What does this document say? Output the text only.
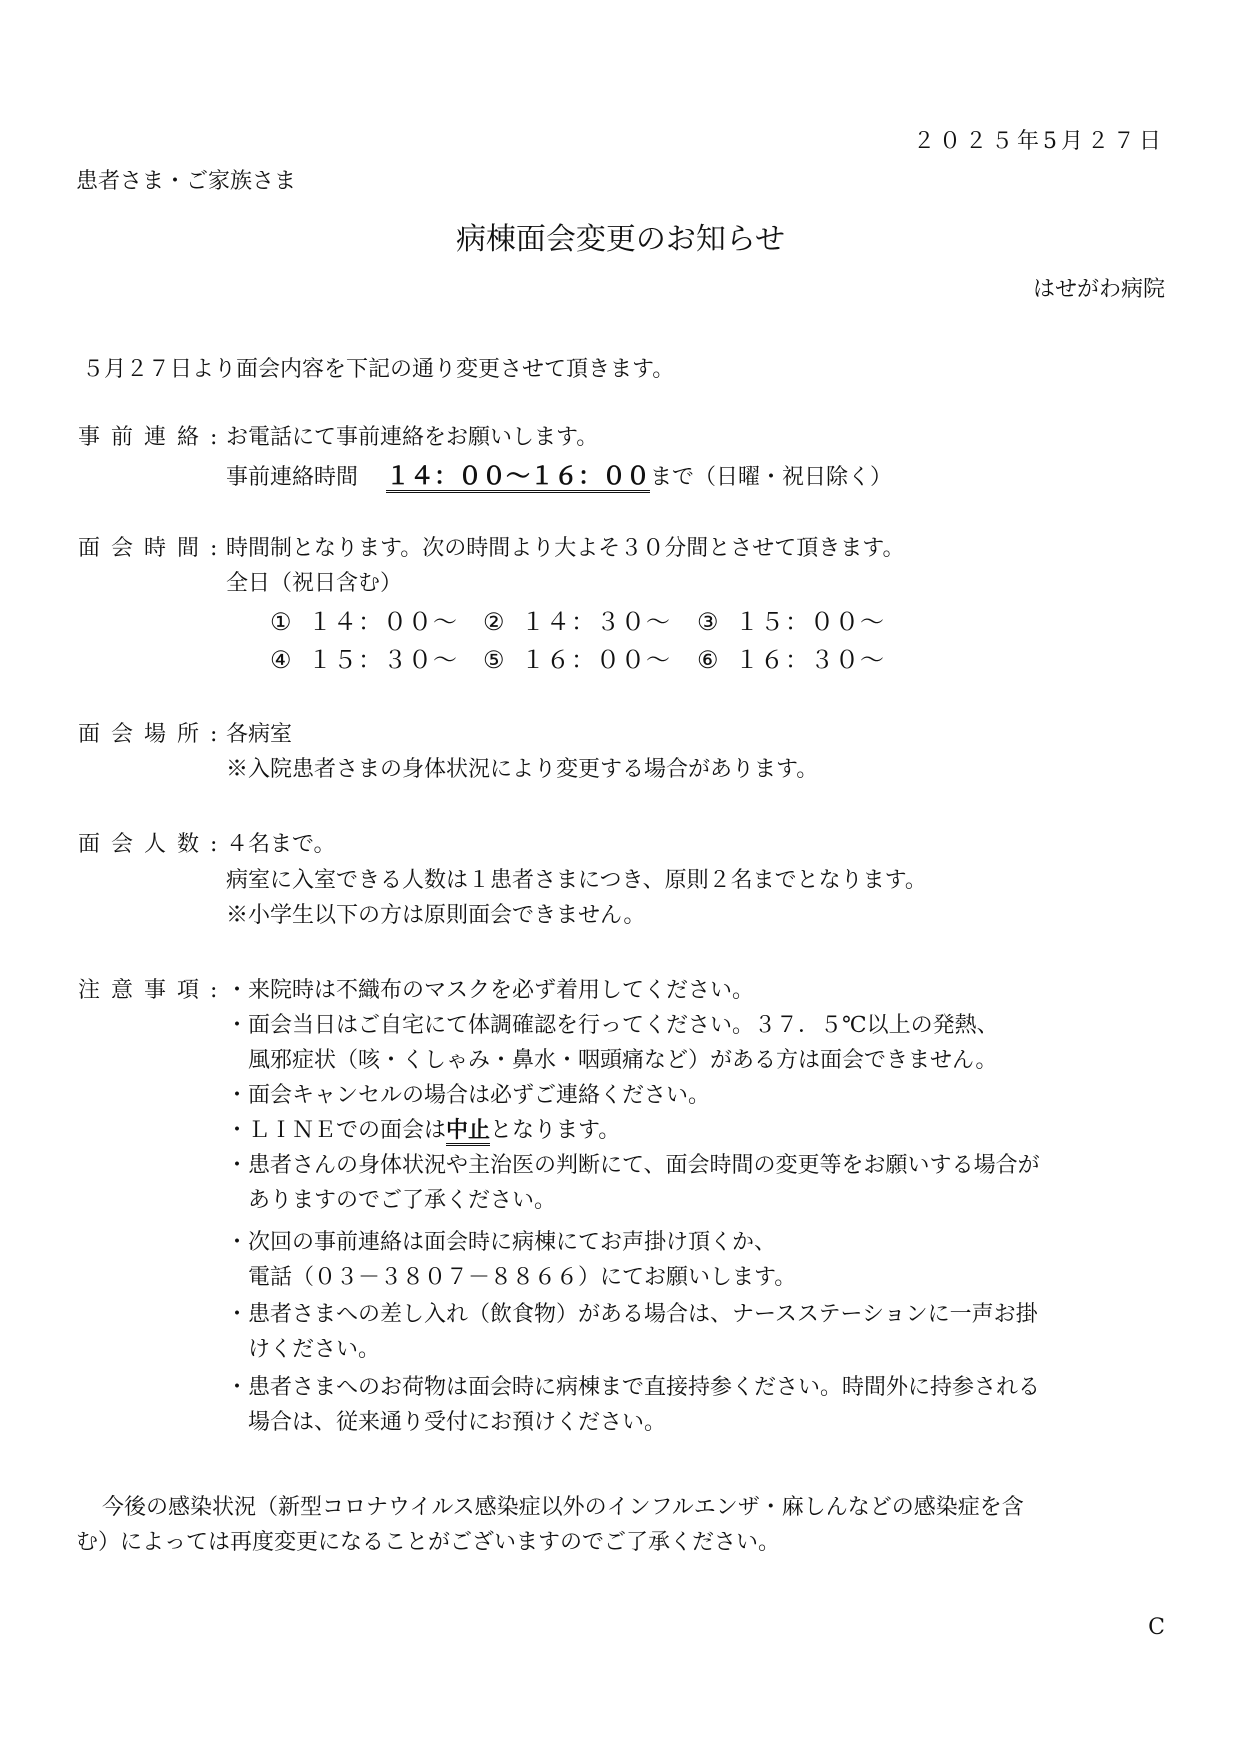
２０２５年5月２７日
患者さま・ご家族さま
病棟面会変更のお知らせ
はせがわ病院
５月２７日より面会内容を下記の通り変更させて頂きます。
事 前 連 絡 : お電話にて事前連絡をお願いします。
事前連絡時間 １４：００～１６：００まで（日曜・祝日除く）
面 会 時 間 : 時間制となります。次の時間より大よそ３０分間とさせて頂きます。
全日（祝日含む）
① １４：００～ ② １４：３０～ ③ １５：００～
④ １５：３０～ ⑤ １６：００～ ⑥ １６：３０～
面 会 場 所 : 各病室
※入院患者さまの身体状況により変更する場合があります。
面 会 人 数 : ４名まで。
病室に入室できる人数は１患者さまにつき、原則２名までとなります。
※小学生以下の方は原則面会できません。
注 意 事 項 : ・来院時は不織布のマスクを必ず着用してください。
・面会当日はご自宅にて体調確認を行ってください。３７．５℃以上の発熱、
風邪症状（咳・くしゃみ・鼻水・咽頭痛など）がある方は面会できません。
・面会キャンセルの場合は必ずご連絡ください。
・ＬＩＮＥでの面会は中止となります。
・患者さんの身体状況や主治医の判断にて、面会時間の変更等をお願いする場合が
ありますのでご了承ください。
・次回の事前連絡は面会時に病棟にてお声掛け頂くか、
電話（０３－３８０７－８８６６）にてお願いします。
・患者さまへの差し入れ（飲食物）がある場合は、ナースステーションに一声お掛
けください。
・患者さまへのお荷物は面会時に病棟まで直接持参ください。時間外に持参される
場合は、従来通り受付にお預けください。
今後の感染状況（新型コロナウイルス感染症以外のインフルエンザ・麻しんなどの感染症を含
む）によっては再度変更になることがございますのでご了承ください。
C
